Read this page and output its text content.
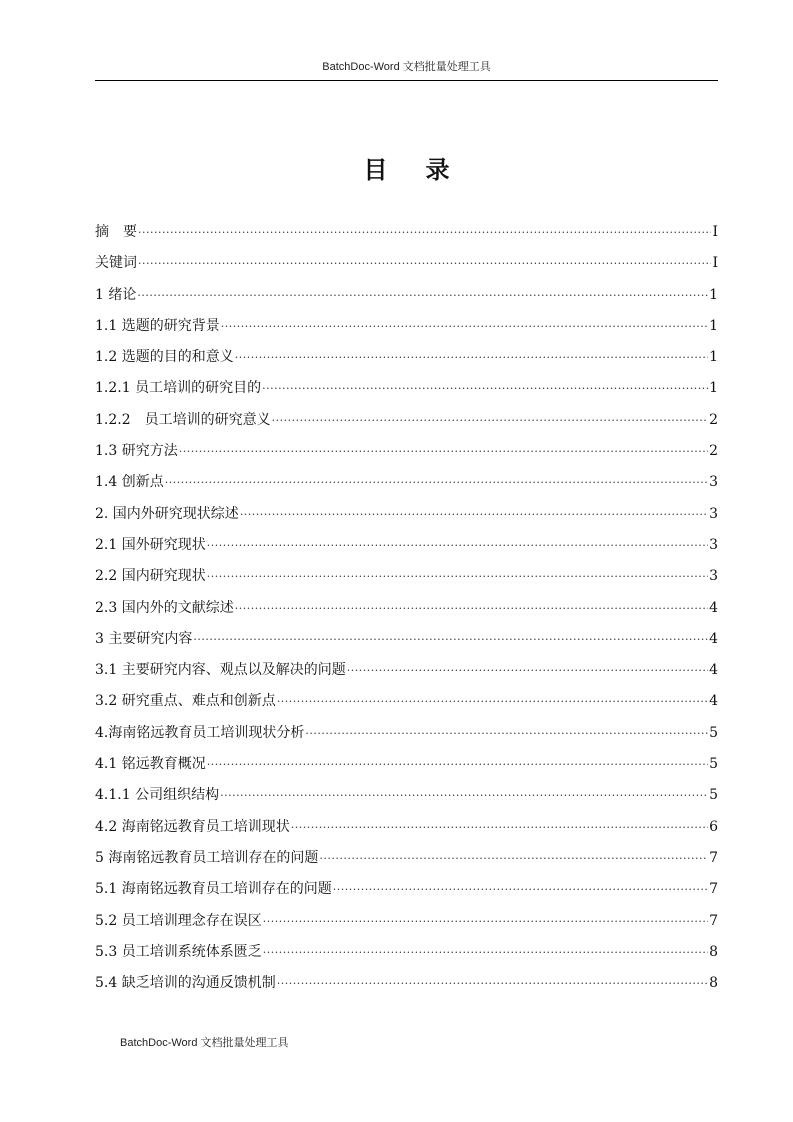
BatchDoc-Word 文档批量处理工具
目录
摘　要 ·····	I
关键词 ·····	I
1 绪论 ·····	1
1.1 选题的研究背景 ·····	1
1.2 选题的目的和意义 ·····	1
1.2.1 员工培训的研究目的 ·····	1
1.2.2　员工培训的研究意义 ·····	2
1.3 研究方法 ·····	2
1.4 创新点 ·····	3
2. 国内外研究现状综述 ·····	3
2.1 国外研究现状 ·····	3
2.2 国内研究现状 ·····	3
2.3 国内外的文献综述 ·····	4
3 主要研究内容 ·····	4
3.1 主要研究内容、观点以及解决的问题 ·····	4
3.2 研究重点、难点和创新点 ·····	4
4.海南铭远教育员工培训现状分析 ·····	5
4.1 铭远教育概况 ·····	5
4.1.1 公司组织结构 ·····	5
4.2 海南铭远教育员工培训现状 ·····	6
5 海南铭远教育员工培训存在的问题 ·····	7
5.1 海南铭远教育员工培训存在的问题 ·····	7
5.2 员工培训理念存在误区 ·····	7
5.3 员工培训系统体系匮乏 ·····	8
5.4 缺乏培训的沟通反馈机制 ·····	8
BatchDoc-Word 文档批量处理工具
